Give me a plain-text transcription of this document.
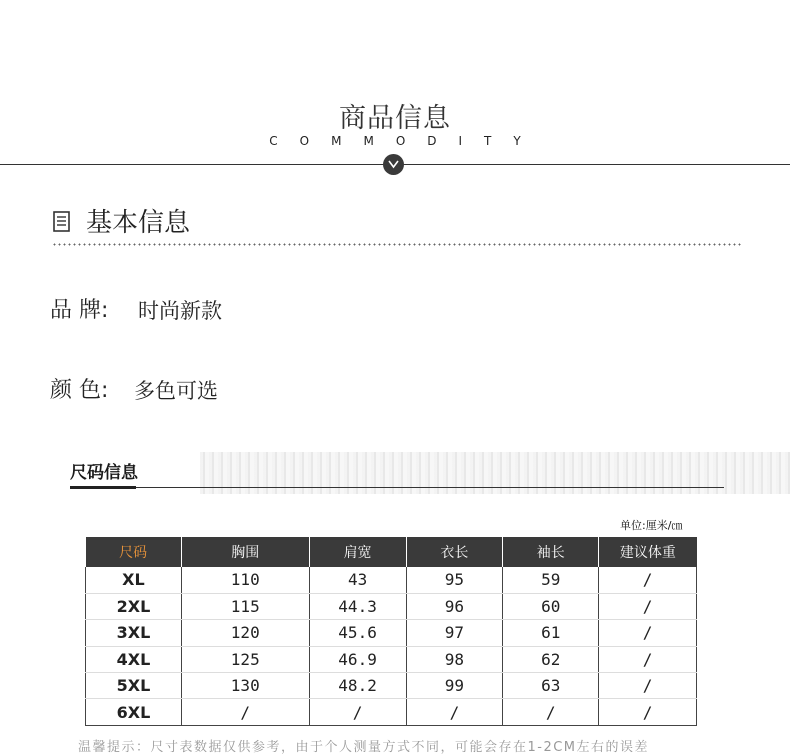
商品信息
COMMODITY
基本信息
品 牌: 时尚新款
颜 色: 多色可选
尺码信息
单位:厘米/㎝
尺码	胸围	肩宽	衣长	袖长	建议体重
XL	110	43	95	59	/
2XL	115	44.3	96	60	/
3XL	120	45.6	97	61	/
4XL	125	46.9	98	62	/
5XL	130	48.2	99	63	/
6XL	/	/	/	/	/
温馨提示：尺寸表数据仅供参考，由于个人测量方式不同，可能会存在1-2CM左右的误差
